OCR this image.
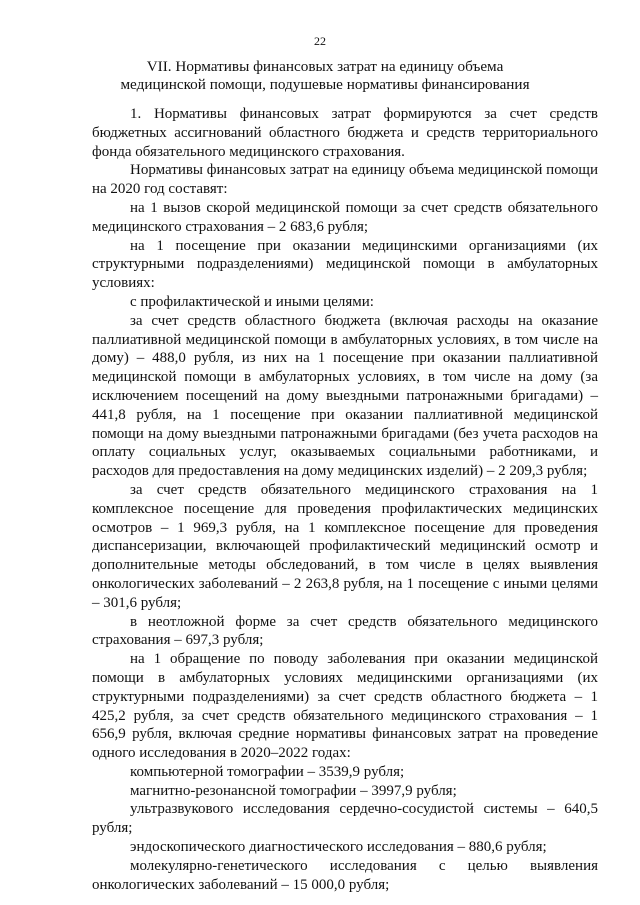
22
VII. Нормативы финансовых затрат на единицу объема
медицинской помощи, подушевые нормативы финансирования

1. Нормативы финансовых затрат формируются за счет средств бюджетных ассигнований областного бюджета и средств территориального фонда обязательного медицинского страхования.

Нормативы финансовых затрат на единицу объема медицинской помощи на 2020 год составят:

на 1 вызов скорой медицинской помощи за счет средств обязательного медицинского страхования – 2 683,6 рубля;

на 1 посещение при оказании медицинскими организациями (их структурными подразделениями) медицинской помощи в амбулаторных условиях:

с профилактической и иными целями:

за счет средств областного бюджета (включая расходы на оказание паллиативной медицинской помощи в амбулаторных условиях, в том числе на дому) – 488,0 рубля, из них на 1 посещение при оказании паллиативной медицинской помощи в амбулаторных условиях, в том числе на дому (за исключением посещений на дому выездными патронажными бригадами) – 441,8 рубля, на 1 посещение при оказании паллиативной медицинской помощи на дому выездными патронажными бригадами (без учета расходов на оплату социальных услуг, оказываемых социальными работниками, и расходов для предоставления на дому медицинских изделий) – 2 209,3 рубля;

за счет средств обязательного медицинского страхования на 1 комплексное посещение для проведения профилактических медицинских осмотров – 1 969,3 рубля, на 1 комплексное посещение для проведения диспансеризации, включающей профилактический медицинский осмотр и дополнительные методы обследований, в том числе в целях выявления онкологических заболеваний – 2 263,8 рубля, на 1 посещение с иными целями – 301,6 рубля;

в неотложной форме за счет средств обязательного медицинского страхования – 697,3 рубля;

на 1 обращение по поводу заболевания при оказании медицинской помощи в амбулаторных условиях медицинскими организациями (их структурными подразделениями) за счет средств областного бюджета – 1 425,2 рубля, за счет средств обязательного медицинского страхования – 1 656,9 рубля, включая средние нормативы финансовых затрат на проведение одного исследования в 2020–2022 годах:

компьютерной томографии – 3539,9 рубля;

магнитно-резонансной томографии – 3997,9 рубля;

ультразвукового исследования сердечно-сосудистой системы – 640,5 рубля;

эндоскопического диагностического исследования – 880,6 рубля;

молекулярно-генетического исследования с целью выявления онкологических заболеваний – 15 000,0 рубля;
